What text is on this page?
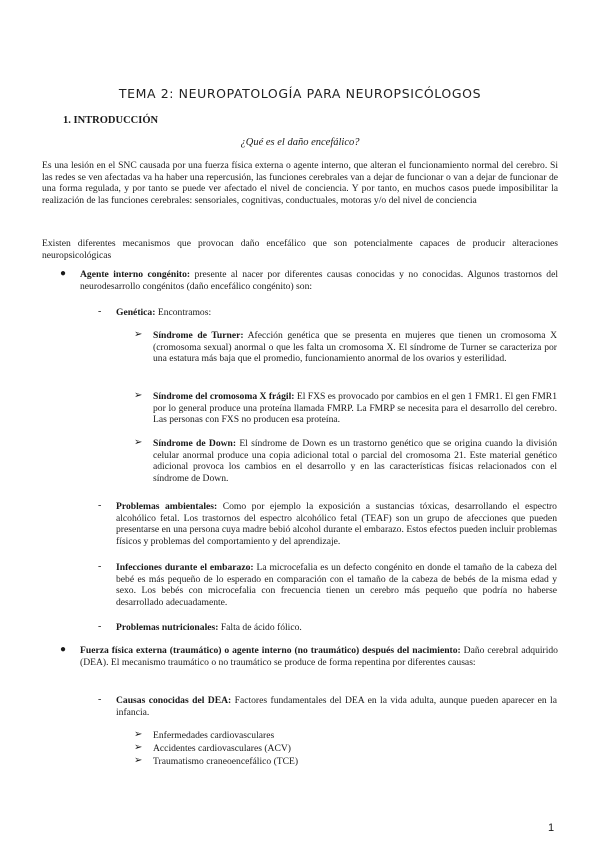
TEMA 2: NEUROPATOLOGÍA PARA NEUROPSICÓLOGOS
1. INTRODUCCIÓN
¿Qué es el daño encefálico?
Es una lesión en el SNC causada por una fuerza física externa o agente interno, que alteran el funcionamiento normal del cerebro. Si las redes se ven afectadas va ha haber una repercusión, las funciones cerebrales van a dejar de funcionar o van a dejar de funcionar de una forma regulada, y por tanto se puede ver afectado el nivel de conciencia. Y por tanto, en muchos casos puede imposibilitar la realización de las funciones cerebrales: sensoriales, cognitivas, conductuales, motoras y/o del nivel de conciencia
Existen diferentes mecanismos que provocan daño encefálico que son potencialmente capaces de producir alteraciones neuropsicológicas
● Agente interno congénito: presente al nacer por diferentes causas conocidas y no conocidas. Algunos trastornos del neurodesarrollo congénitos (daño encefálico congénito) son:
- Genética: Encontramos:
➢ Síndrome de Turner: Afección genética que se presenta en mujeres que tienen un cromosoma X (cromosoma sexual) anormal o que les falta un cromosoma X. El síndrome de Turner se caracteriza por una estatura más baja que el promedio, funcionamiento anormal de los ovarios y esterilidad.
➢ Síndrome del cromosoma X frágil: El FXS es provocado por cambios en el gen 1 FMR1. El gen FMR1 por lo general produce una proteína llamada FMRP. La FMRP se necesita para el desarrollo del cerebro. Las personas con FXS no producen esa proteína.
➢ Síndrome de Down: El síndrome de Down es un trastorno genético que se origina cuando la división celular anormal produce una copia adicional total o parcial del cromosoma 21. Este material genético adicional provoca los cambios en el desarrollo y en las características físicas relacionados con el síndrome de Down.
- Problemas ambientales: Como por ejemplo la exposición a sustancias tóxicas, desarrollando el espectro alcohólico fetal. Los trastornos del espectro alcohólico fetal (TEAF) son un grupo de afecciones que pueden presentarse en una persona cuya madre bebió alcohol durante el embarazo. Estos efectos pueden incluir problemas físicos y problemas del comportamiento y del aprendizaje.
- Infecciones durante el embarazo: La microcefalia es un defecto congénito en donde el tamaño de la cabeza del bebé es más pequeño de lo esperado en comparación con el tamaño de la cabeza de bebés de la misma edad y sexo. Los bebés con microcefalia con frecuencia tienen un cerebro más pequeño que podría no haberse desarrollado adecuadamente.
- Problemas nutricionales: Falta de ácido fólico.
● Fuerza física externa (traumático) o agente interno (no traumático) después del nacimiento: Daño cerebral adquirido (DEA). El mecanismo traumático o no traumático se produce de forma repentina por diferentes causas:
- Causas conocidas del DEA: Factores fundamentales del DEA en la vida adulta, aunque pueden aparecer en la infancia.
➢ Enfermedades cardiovasculares
➢ Accidentes cardiovasculares (ACV)
➢ Traumatismo craneoencefálico (TCE)
1
